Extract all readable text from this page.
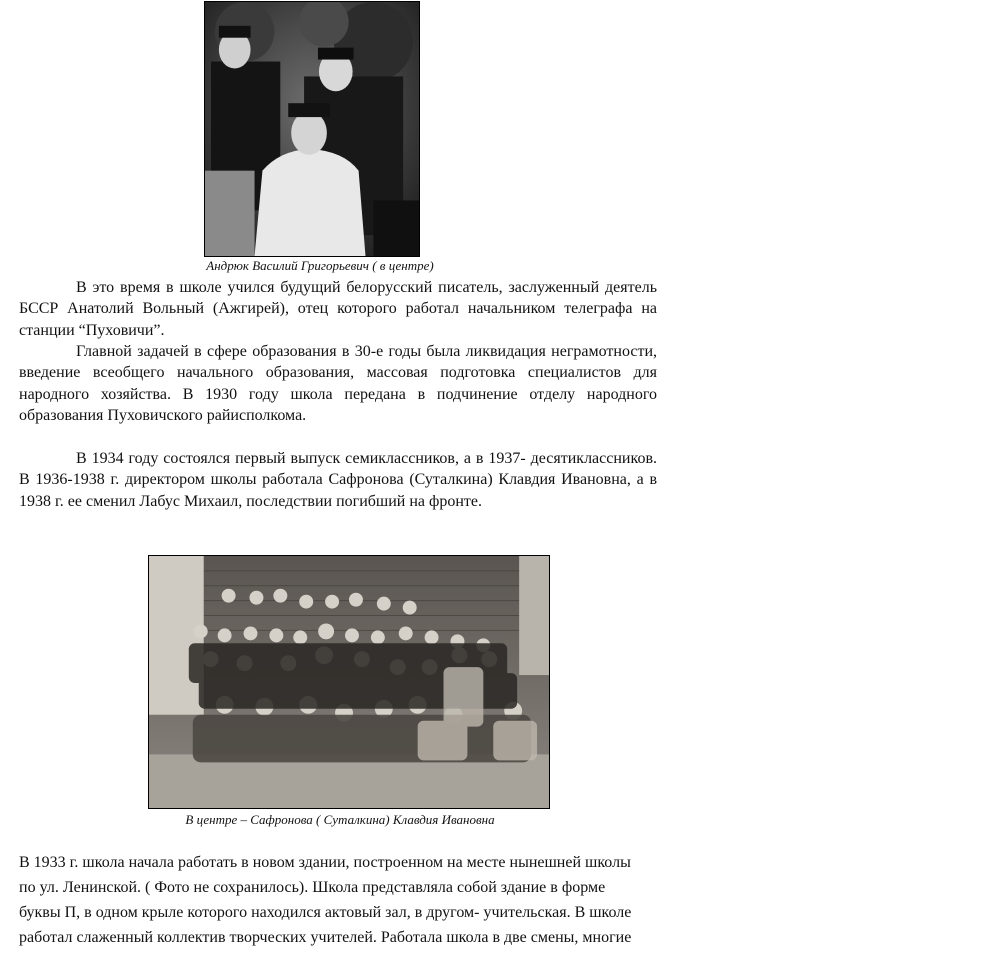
Андрюк Василий Григорьевич ( в центре)

В это время в школе учился будущий белорусский писатель, заслуженный деятель БССР Анатолий Вольный (Ажгирей), отец которого работал начальником телеграфа на станции “Пуховичи”.

Главной задачей в сфере образования в 30-е годы была ликвидация неграмотности, введение всеобщего начального образования, массовая подготовка специалистов для народного хозяйства. В 1930 году школа передана в подчинение отделу народного образования Пуховичского райисполкома.

В 1934 году состоялся первый выпуск семиклассников, а в 1937- десятиклассников. В 1936-1938 г. директором школы работала Сафронова (Суталкина) Клавдия Ивановна, а в 1938 г. ее сменил Лабус Михаил, последствии погибший на фронте.

В центре – Сафронова ( Суталкина) Клавдия Ивановна

В 1933 г. школа начала работать в новом здании, построенном на месте нынешней школы по ул. Ленинской. ( Фото не сохранилось). Школа представляла собой здание в форме буквы П, в одном крыле которого находился актовый зал, в другом- учительская. В школе работал слаженный коллектив творческих учителей. Работала школа в две смены, многие
